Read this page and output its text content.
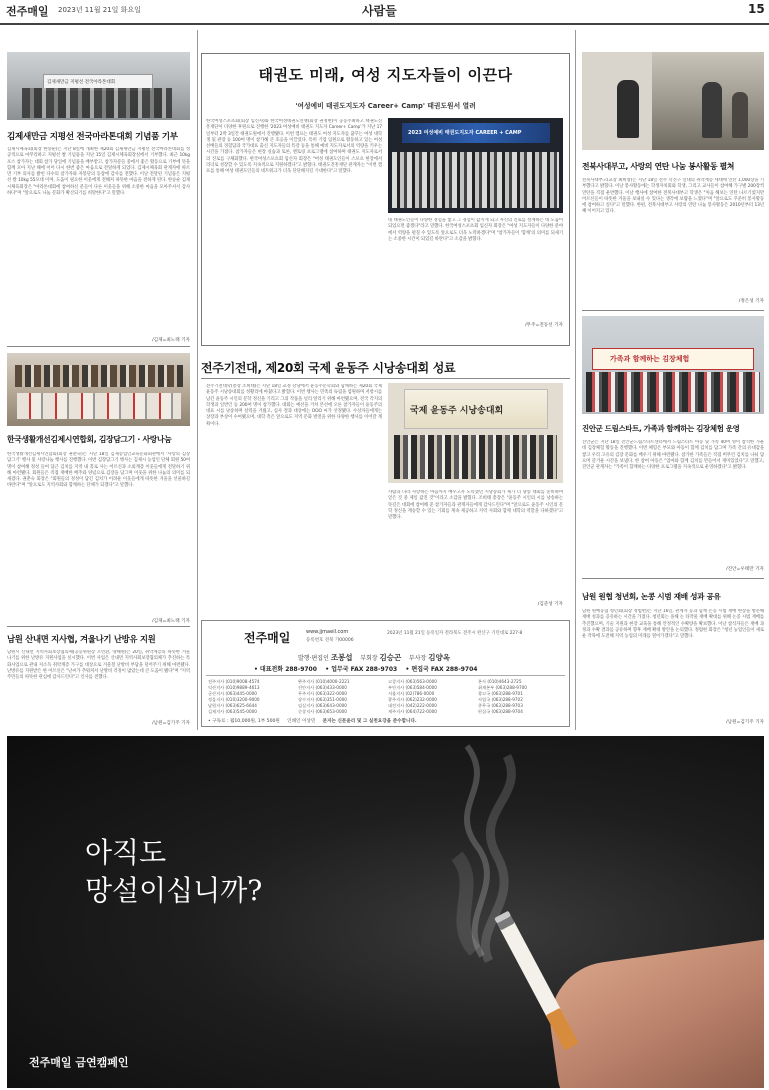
전주매일 2023년 11월 21일 화요일	사람들	15
김제새만금 지평선 전국아라톤대회
김제새만금 지평선 전국마라톤대회 기념품 기부
김제시체육회(회장 한승순)는 지난 8일에 개최한 제20회 김제새만금 지평선 전국마라톤대회를 성공적으로 마무리하고 지평선 쌀 기념품을 지난 15일 김제시체육회장실에서 기부했다. 최근 10kg 포스 참가자는 대회 참가 당일에 기념품을 배부받고, 참가자분들 중에서 좋은 활동으로 기부에 뜻을 함께 모아 지난 해에 이어 다시 한번 좋은 마음으로 전달하게 되었다. 김제시체육회 관계자에 따르면 기부 의사를 밝힌 다수의 참가자와 자봉단의 동참에 감사를 전했다. 이날 전달된 기념품은 지평선 쌀 10kg 55포대 이며, 도움이 필요한 이웃에게 전해져 따뜻한 마음을 전하게 된다. 한승순 김제시체육회장은 "마라톤대회에 참여하신 분들이 다른 이웃들을 위해 소중한 마음을 모아주셔서 감사하다"며 "앞으로도 나눔 문화가 확산되기를 희망한다"고 말했다.
/김제=최노태 기자
한국생활개선김제시연합회, 김장담그기 · 사랑나눔
한국생활개선김제시연합회(회장 권춘숙)는 지난 18일 김제농업인교육문화회관에서 '사랑의 김장담그기' 행사 및 사랑나눔 행사를 진행했다. 이번 김장담그기 행사는 김제시 농업인 단체 회원 50여 명이 참여해 정성 들여 담근 김치를 지역 내 홀로 사는 어르신과 소외계층 이웃들에게 전달하기 위해 마련됐다. 회원들은 직접 재배한 배추와 양념으로 김장을 담그며 이웃을 위한 나눔의 의미를 되새겼다. 권춘숙 회장은 "회원들의 정성이 담긴 김치가 어려운 이웃들에게 따뜻한 겨울을 선물하길 바란다"며 "앞으로도 지역사회와 함께하는 단체가 되겠다"고 말했다.
/김제=최노태 기자
남원 산내면 지사협, 겨울나기 난방유 지원
남원시 산내면 지역사회보장협의체(공동위원장 오빈환, 양해원)은 20일, 취약계층의 따뜻한 겨울나기를 위한 난방유 지원사업을 실시했다. 이번 사업은 산내면 지역사회보장협의체가 추진하는 특화사업으로 관내 저소득 취약계층 가구를 대상으로 겨울철 난방비 부담을 덜어주기 위해 마련됐다. 난방유를 지원받은 한 어르신은 "날씨가 추워져서 난방비 걱정이 많았는데 큰 도움이 됐다"며 "지역 주민들의 따뜻한 관심에 감사드린다"고 인사를 전했다.
/남원=김기주 기자
태권도 미래, 여성 지도자들이 이끈다
'여성예비 태권도지도자 Career+ Camp' 태권도원서 열려
한국여성스포츠회(회장 임신자)와 한국여성태권도연맹(회장 권정현)이 공동주최하고 태권도진흥재단이 다양한 후원으로 진행한 '2023 여성예비 태권도 지도자 Career+ Camp'가 지난 17일부터 2박 3일간 태권도원에서 진행됐다. 이번 캠프는 태권도 여성 지도자를 꿈꾸는 여성 대학생 및 관장 등 100여 명이 참가해 큰 호응을 이끌었다. 특히 기업 임원으로 활동하고 있는 여성 선배들의 경험담과 국가대표 출신 지도자들의 특강 등을 통해 예비 지도자로서의 역량을 키우는 시간을 가졌다. 참가자들은 현장 실습과 토론, 멘토링 프로그램에 참여하며 태권도 지도자로서의 진로를 구체화했다. 한국여성스포츠회 임신자 회장은 "여성 태권도인들이 스포츠 현장에서 리더로 성장할 수 있도록 지속적으로 지원하겠다"고 밝혔다. 태권도진흥재단 관계자는 "이번 캠프를 통해 여성 태권도인들의 네트워크가 더욱 단단해지길 기대한다"고 말했다.
2023 여성예비 태권도지도자 CAREER + CAMP
네 태권도인들이 다양한 경험을 쌓고 그 경험이 값지게 되고 자신의 진로를 설계하는 데 도움이 되었으면 좋겠다"라고 말했다. 한국여성스포츠회 임신자 회장은 "여성 지도자들이 다양한 분야에서 역량을 펼칠 수 있도록 앞으로도 더욱 노력하겠다"며 "참가자들이 '함께'의 의미를 되새기는 소중한 시간이 되었길 바란다"고 소감을 밝혔다.
/무주=전동선 기자
전주기전대, 제20회 국제 윤동주 시낭송대회 성료
전주기전대학(총장 조희태)은 지난 18일 교정 강당에서 윤동주문학회와 함께하는 제20회 국제 윤동주 시낭송대회를 성황리에 마쳤다고 밝혔다. 이번 행사는 민족의 독립을 염원하며 저항시를 남긴 윤동주 시인의 문학 정신을 기리고 그의 작품을 널리 알리기 위해 마련됐으며, 전국 각지의 학생과 일반인 등 200여 명이 참가했다. 대회는 예선을 거쳐 본선에 오른 참가자들이 윤동주의 대표 시를 낭송하며 실력을 겨뤘고, 심사 결과 대상에는 OOO 씨가 선정됐다. 수상자들에게는 상장과 부상이 수여됐으며, 대학 측은 앞으로도 지역 문화 발전을 위한 다양한 행사를 이어갈 계획이다.
국제 윤동주 시낭송대회
사람과 나라 사랑하는 마음까지 배우고자 노력했던 시낭송회가 제가 더 낭송 대회를 준비하며 얻은 것 중 제일 값진 것"이라고 소감을 밝혔다. 조희태 총장은 "윤동주 시인의 시를 낭송하는 뜻깊은 대회에 참여해 준 참가자들과 관계자들에게 감사드린다"며 "앞으로도 윤동주 시인의 문학 정신을 계승할 수 있는 기회를 계속 제공하고 지역 사회와 함께 대학의 역할을 다하겠다"고 말했다.
/김준성 기자
전주매일	www.jjmaeil.com
등록번호 전북 가00006
2023년 11월 21일 등록일자 전라북도 전주시 완산구 기린대로 227-8
발행·편집인 조봉섭 부회장 김승곤 부사장 김양옥
• 대표전화 288-9700 • 업무국 FAX 288-9703 • 편집국 FAX 288-9704
전주지사 (010)9008-4574
익산지사 (010)9889-4613
군산지사 (063)445-0000
정읍지사 (010)3200-9000
남원지사 (063)625-6644
김제지사 (063)545-0000
완주지사 (010)4000-2221
진안지사 (063)433-0000
무주지사 (063)322-0000
장수지사 (063)351-0000
임실지사 (063)643-0000
순창지사 (063)653-0000
고창지사 (063)563-0000
부안지사 (063)584-0000
서울지사 (02)786-0000
광주지사 (062)232-0000
대전지사 (042)222-0000
제주지사 (064)722-0000
본사 (010)4643-2725
취재본부 (063)288-9700
광고국 (063)288-9701
사업국 (063)288-9702
총무국 (063)288-9703
편집국 (063)288-9704
• 구독료 : 월10,000원, 1부 500원 인쇄인 이상민 본지는 신문윤리 및 그 실천요강을 준수합니다.
전북사대부고, 사랑의 연탄 나눔 봉사활동 펼쳐
전북사대부고(교장 최희창)는 지난 18일 전주 덕진구 일대의 취약계층 세대에 연탄 1,000장을 기부했다고 밝혔다. 이날 봉사활동에는 학생자치회와 학생, 그리고 교사들이 참여해 가구별 200장씩 연탄을 직접 운반했다. 이날 행사에 참여한 전북사대부고 학생은 "처음 해보는 연탄 나르기였지만 어르신들이 따뜻한 겨울을 보내실 수 있다는 생각에 보람을 느꼈다"며 "앞으로도 꾸준히 봉사활동에 참여하고 싶다"고 말했다. 한편, 전북사대부고 사랑의 연탄 나눔 봉사활동은 2010년부터 13년째 이어지고 있다.
/정은성 기자
가족과 함께하는 김장체험
진안군 드림스타트, 가족과 함께하는 김장체험 운영
진안군은 지난 18일 진안군드림스타트센터에서 드림스타트 아동 및 가족 40여 명이 참석한 가운데 김장체험 활동을 진행했다. 이번 체험은 부모와 아동이 함께 김치를 담그며 가족 간의 유대감을 쌓고 우리 고유의 김장 문화를 배우기 위해 마련됐다. 참가한 가족들은 직접 버무린 김치를 나눠 담으며 즐거운 시간을 보냈다. 한 참여 아동은 "엄마와 함께 김치를 만들어서 재미있었다"고 말했고, 진안군 관계자는 "가족이 함께하는 다양한 프로그램을 지속적으로 운영하겠다"고 밝혔다.
/진안=우태만 기자
남원 원협 청년회, 논콩 시범 재배 성과 공유
남원 원예농협 청년회(회장 정범현)는 지난 16일, 관계자 등과 함께 논콩 시범 재배 현장을 방문해 재배 성과를 공유하는 시간을 가졌다. 청년회는 올해 논 타작물 재배 확대를 위해 논콩 시범 재배를 추진했으며, 기술 지원과 현장 교육을 통해 안정적인 수확량을 확보했다. 이날 참석자들은 재배 과정과 수확 결과를 공유하며 향후 재배 확대 방안을 논의했다. 정범현 회장은 "청년 농업인들이 새로운 작목에 도전해 지역 농업의 미래를 열어가겠다"고 말했다.
/남원=김기주 기자
아직도
망설이십니까?
전주매일 금연캠페인
